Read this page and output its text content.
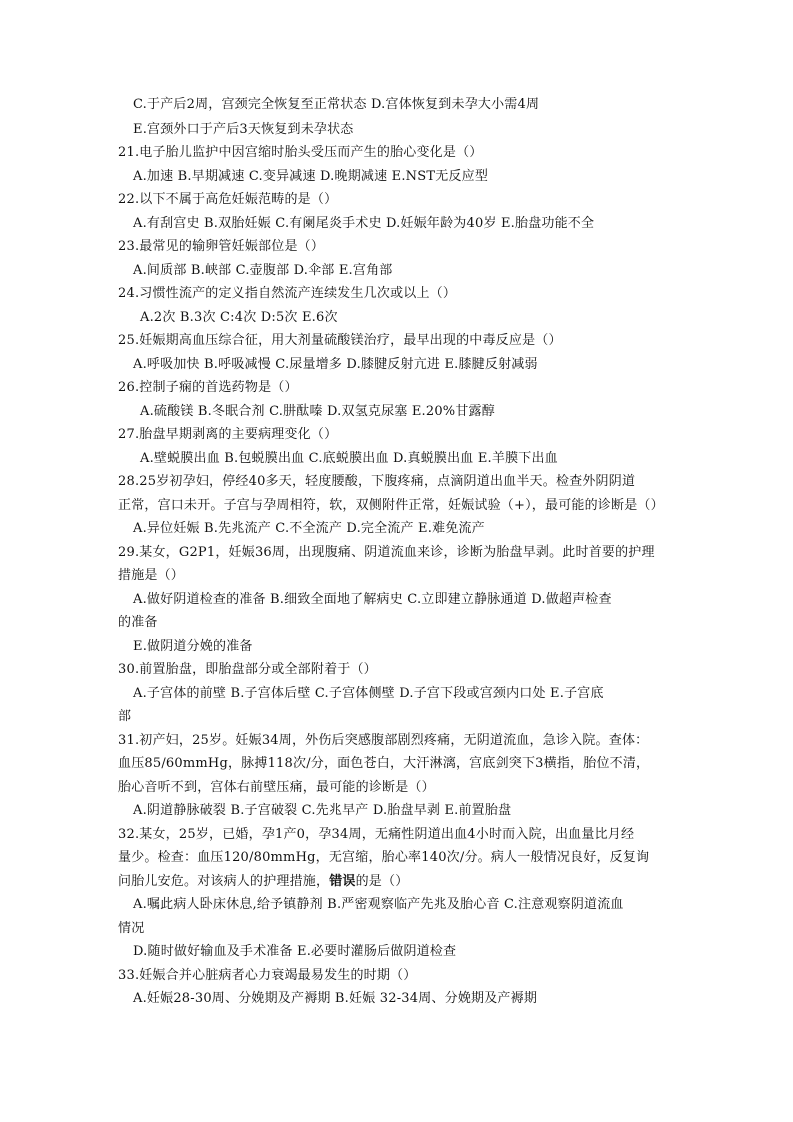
C.于产后2周，宫颈完全恢复至正常状态 D.宫体恢复到未孕大小需4周
E.宫颈外口于产后3天恢复到未孕状态
21.电子胎儿监护中因宫缩时胎头受压而产生的胎心变化是（）
A.加速 B.早期减速 C.变异减速 D.晚期减速 E.NST无反应型
22.以下不属于高危妊娠范畴的是（）
A.有刮宫史 B.双胎妊娠 C.有阑尾炎手术史 D.妊娠年龄为40岁 E.胎盘功能不全
23.最常见的输卵管妊娠部位是（）
A.间质部 B.峡部 C.壶腹部 D.伞部 E.宫角部
24.习惯性流产的定义指自然流产连续发生几次或以上（）
A.2次 B.3次 C:4次 D:5次 E.6次
25.妊娠期高血压综合征，用大剂量硫酸镁治疗，最早出现的中毒反应是（）
A.呼吸加快 B.呼吸减慢 C.尿量增多 D.膝腱反射亢进 E.膝腱反射减弱
26.控制子痫的首选药物是（）
A.硫酸镁 B.冬眠合剂 C.肼酞嗪 D.双氢克尿塞 E.20%甘露醇
27.胎盘早期剥离的主要病理变化（）
A.壁蜕膜出血 B.包蜕膜出血 C.底蜕膜出血 D.真蜕膜出血 E.羊膜下出血
28.25岁初孕妇，停经40多天，轻度腰酸，下腹疼痛，点滴阴道出血半天。检查外阴阴道
正常，宫口未开。子宫与孕周相符，软，双侧附件正常，妊娠试验（+），最可能的诊断是（）
A.异位妊娠 B.先兆流产 C.不全流产 D.完全流产 E.难免流产
29.某女，G2P1，妊娠36周，出现腹痛、阴道流血来诊，诊断为胎盘早剥。此时首要的护理
措施是（）
A.做好阴道检查的准备 B.细致全面地了解病史 C.立即建立静脉通道 D.做超声检查
的准备
E.做阴道分娩的准备
30.前置胎盘，即胎盘部分或全部附着于（）
A.子宫体的前壁 B.子宫体后壁 C.子宫体侧壁 D.子宫下段或宫颈内口处 E.子宫底
部
31.初产妇，25岁。妊娠34周，外伤后突感腹部剧烈疼痛，无阴道流血，急诊入院。查体：
血压85/60mmHg，脉搏118次/分，面色苍白，大汗淋漓，宫底剑突下3横指，胎位不清，
胎心音听不到，宫体右前壁压痛，最可能的诊断是（）
A.阴道静脉破裂 B.子宫破裂 C.先兆早产 D.胎盘早剥 E.前置胎盘
32.某女，25岁，已婚，孕1产0，孕34周，无痛性阴道出血4小时而入院，出血量比月经
量少。检查：血压120/80mmHg，无宫缩，胎心率140次/分。病人一般情况良好，反复询
问胎儿安危。对该病人的护理措施，错误的是（）
A.嘱此病人卧床休息,给予镇静剂 B.严密观察临产先兆及胎心音 C.注意观察阴道流血
情况
D.随时做好输血及手术准备 E.必要时灌肠后做阴道检查
33.妊娠合并心脏病者心力衰竭最易发生的时期（）
A.妊娠28-30周、分娩期及产褥期 B.妊娠 32-34周、分娩期及产褥期
